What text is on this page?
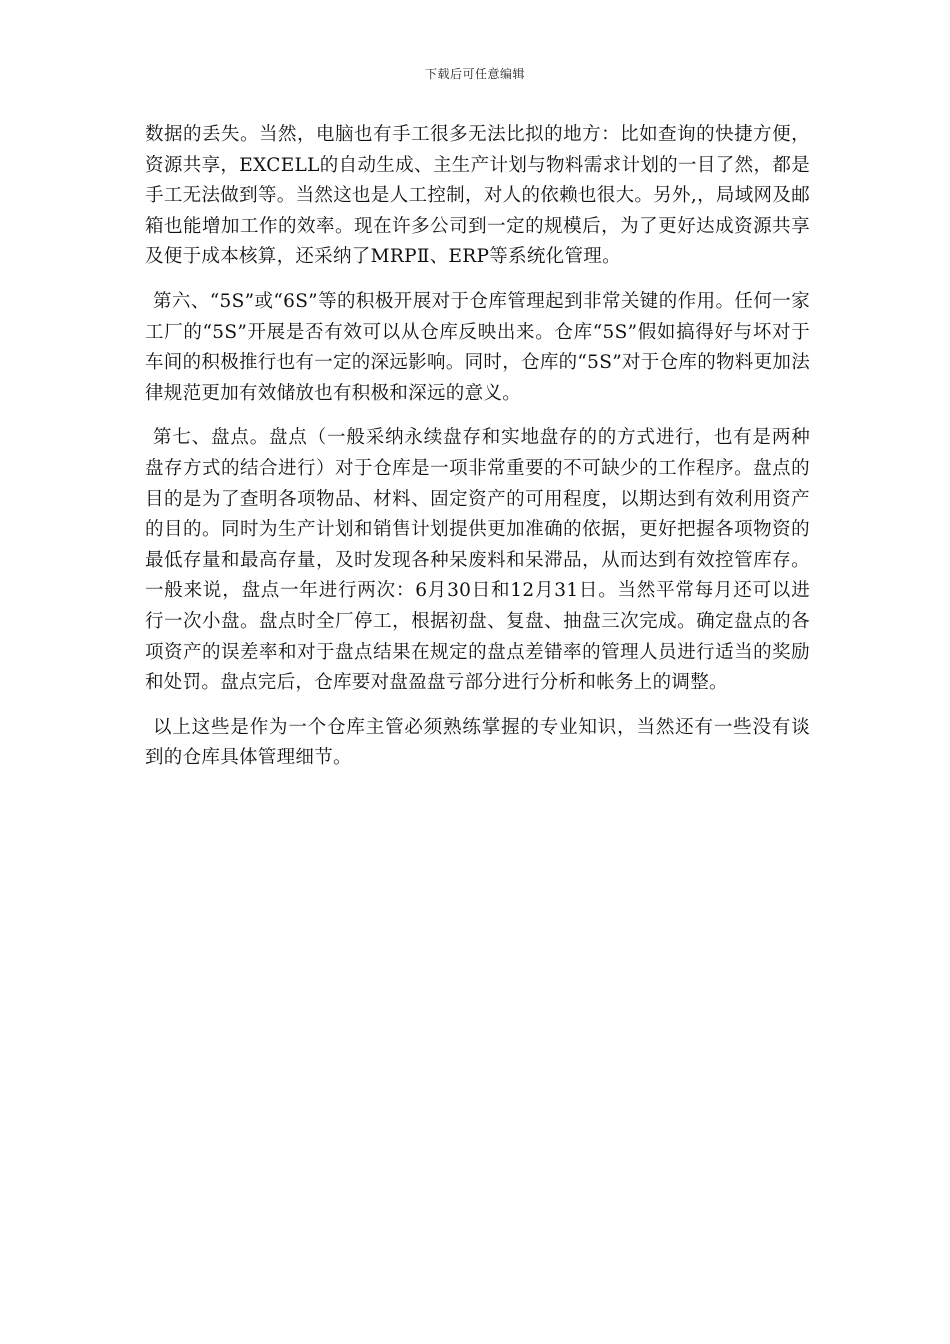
下载后可任意编辑

数据的丢失。当然，电脑也有手工很多无法比拟的地方：比如查询的快捷方便，资源共享，EXCELL的自动生成、主生产计划与物料需求计划的一目了然，都是手工无法做到等。当然这也是人工控制，对人的依赖也很大。另外,，局域网及邮箱也能增加工作的效率。现在许多公司到一定的规模后，为了更好达成资源共享及便于成本核算，还采纳了MRPⅡ、ERP等系统化管理。

第六、“5S”或“6S”等的积极开展对于仓库管理起到非常关键的作用。任何一家工厂的“5S”开展是否有效可以从仓库反映出来。仓库“5S”假如搞得好与坏对于车间的积极推行也有一定的深远影响。同时，仓库的“5S”对于仓库的物料更加法律规范更加有效储放也有积极和深远的意义。

第七、盘点。盘点（一般采纳永续盘存和实地盘存的的方式进行，也有是两种盘存方式的结合进行）对于仓库是一项非常重要的不可缺少的工作程序。盘点的目的是为了查明各项物品、材料、固定资产的可用程度，以期达到有效利用资产的目的。同时为生产计划和销售计划提供更加准确的依据，更好把握各项物资的最低存量和最高存量，及时发现各种呆废料和呆滞品，从而达到有效控管库存。一般来说，盘点一年进行两次：6月30日和12月31日。当然平常每月还可以进行一次小盘。盘点时全厂停工，根据初盘、复盘、抽盘三次完成。确定盘点的各项资产的误差率和对于盘点结果在规定的盘点差错率的管理人员进行适当的奖励和处罚。盘点完后，仓库要对盘盈盘亏部分进行分析和帐务上的调整。

以上这些是作为一个仓库主管必须熟练掌握的专业知识，当然还有一些没有谈到的仓库具体管理细节。
